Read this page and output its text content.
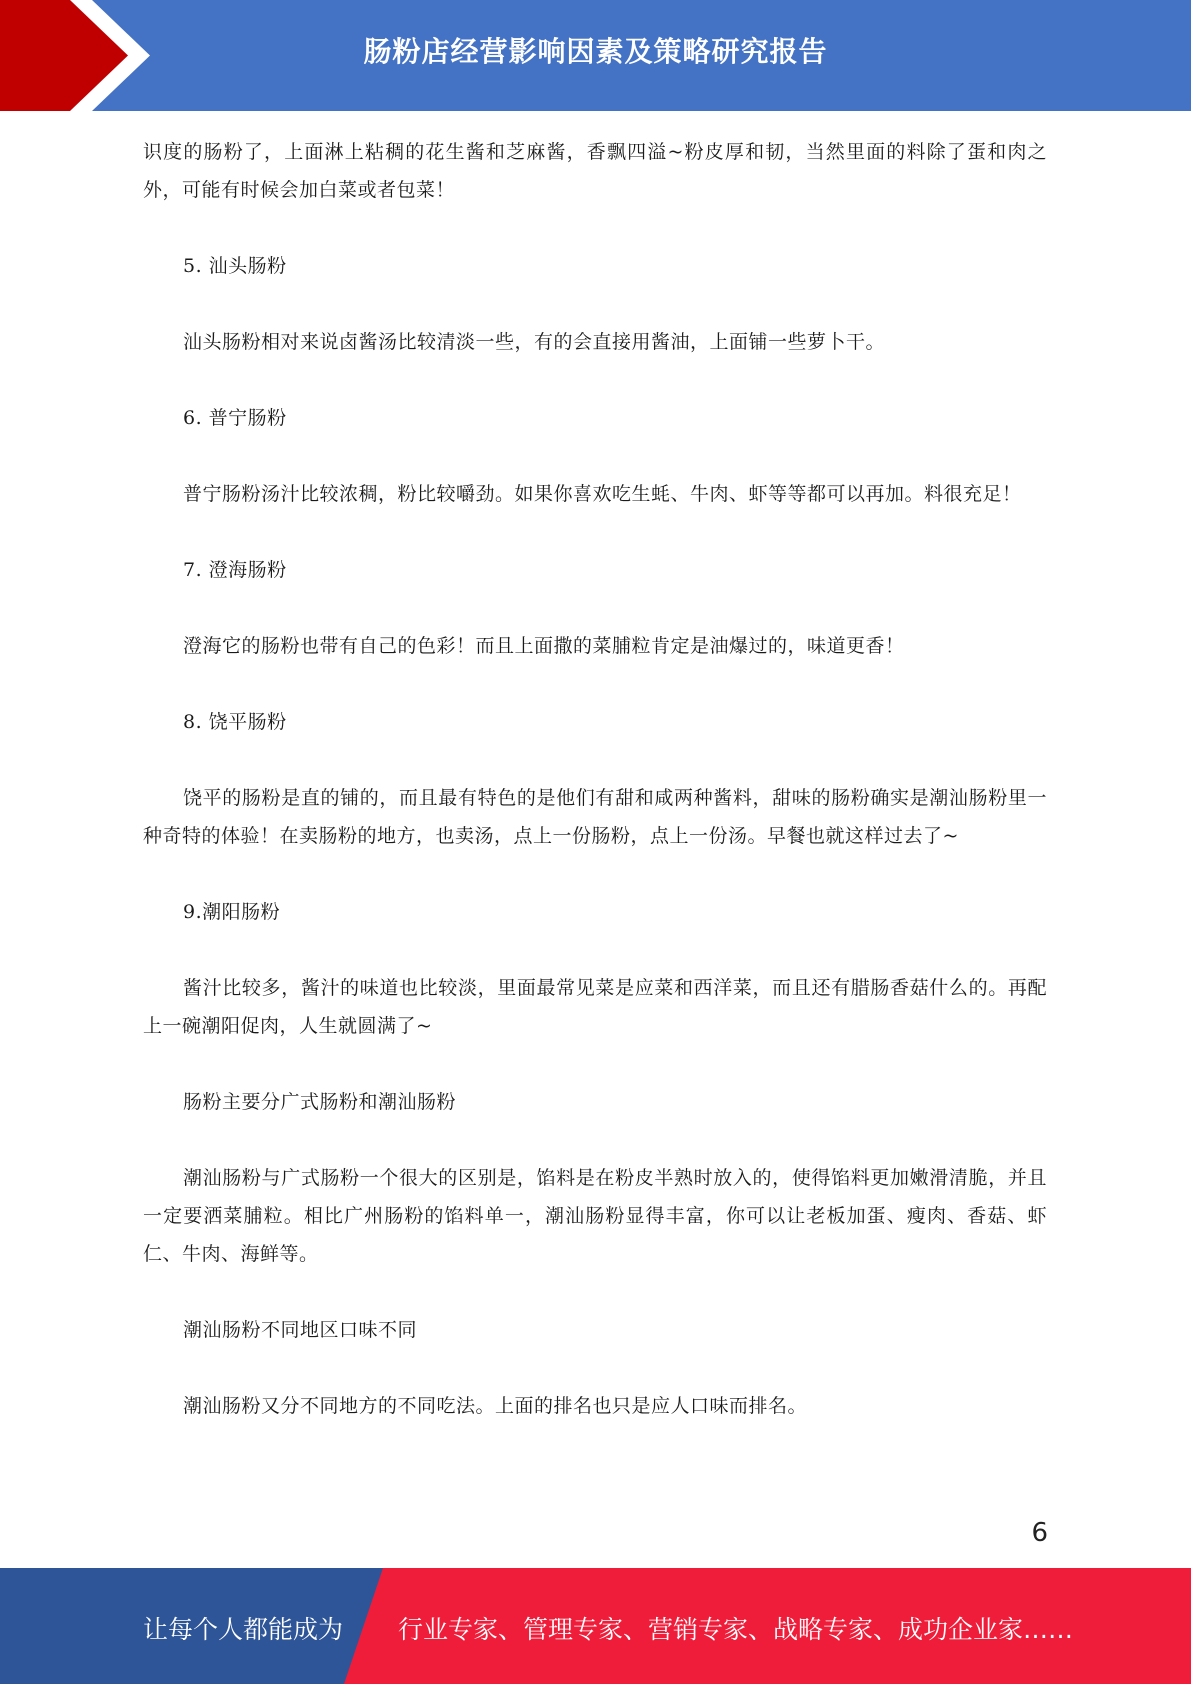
肠粉店经营影响因素及策略研究报告

识度的肠粉了，上面淋上粘稠的花生酱和芝麻酱，香飘四溢~粉皮厚和韧，当然里面的料除了蛋和肉之外，可能有时候会加白菜或者包菜！

5. 汕头肠粉

汕头肠粉相对来说卤酱汤比较清淡一些，有的会直接用酱油，上面铺一些萝卜干。

6. 普宁肠粉

普宁肠粉汤汁比较浓稠，粉比较嚼劲。如果你喜欢吃生蚝、牛肉、虾等等都可以再加。料很充足！

7. 澄海肠粉

澄海它的肠粉也带有自己的色彩！而且上面撒的菜脯粒肯定是油爆过的，味道更香！

8. 饶平肠粉

饶平的肠粉是直的铺的，而且最有特色的是他们有甜和咸两种酱料，甜味的肠粉确实是潮汕肠粉里一种奇特的体验！在卖肠粉的地方，也卖汤，点上一份肠粉，点上一份汤。早餐也就这样过去了~

9.潮阳肠粉

酱汁比较多，酱汁的味道也比较淡，里面最常见菜是应菜和西洋菜，而且还有腊肠香菇什么的。再配上一碗潮阳促肉，人生就圆满了~

肠粉主要分广式肠粉和潮汕肠粉

潮汕肠粉与广式肠粉一个很大的区别是，馅料是在粉皮半熟时放入的，使得馅料更加嫩滑清脆，并且一定要洒菜脯粒。相比广州肠粉的馅料单一，潮汕肠粉显得丰富，你可以让老板加蛋、瘦肉、香菇、虾仁、牛肉、海鲜等。

潮汕肠粉不同地区口味不同

潮汕肠粉又分不同地方的不同吃法。上面的排名也只是应人口味而排名。

6
让每个人都能成为 行业专家、管理专家、营销专家、战略专家、成功企业家……
